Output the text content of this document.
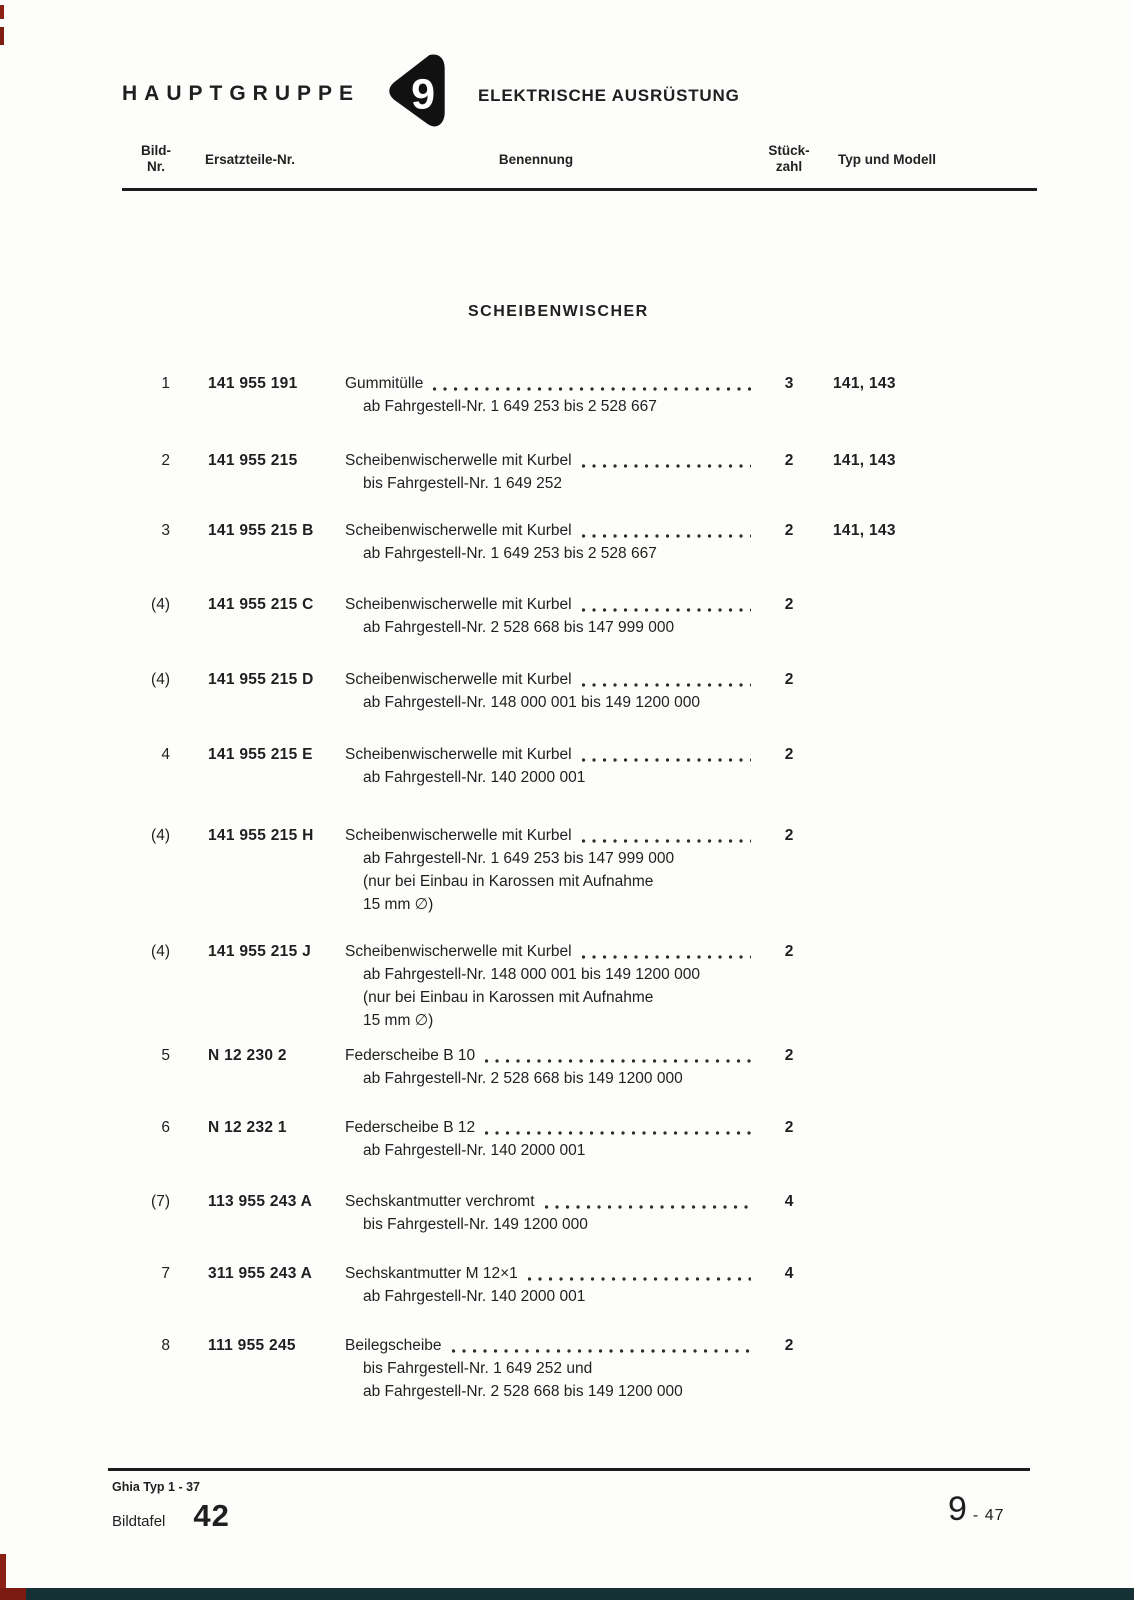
HAUPTGRUPPE 9	ELEKTRISCHE AUSRÜSTUNG
Bild-
Nr.	Ersatzteile-Nr.	Benennung
Stück-
zahl	Typ und Modell
SCHEIBENWISCHER
1 141 955 191	Gummitülle
ab Fahrgestell-Nr. 1 649 253 bis 2 528 667
3	141, 143
2 141 955 215	Scheibenwischerwelle mit Kurbel
bis Fahrgestell-Nr. 1 649 252
2	141, 143
3 141 955 215 B	Scheibenwischerwelle mit Kurbel
ab Fahrgestell-Nr. 1 649 253 bis 2 528 667
2	141, 143
(4) 141 955 215 C	Scheibenwischerwelle mit Kurbel
ab Fahrgestell-Nr. 2 528 668 bis 147 999 000
2
(4) 141 955 215 D	Scheibenwischerwelle mit Kurbel
ab Fahrgestell-Nr. 148 000 001 bis 149 1200 000
2
4 141 955 215 E	Scheibenwischerwelle mit Kurbel
ab Fahrgestell-Nr. 140 2000 001
2
(4) 141 955 215 H	Scheibenwischerwelle mit Kurbel
ab Fahrgestell-Nr. 1 649 253 bis 147 999 000
(nur bei Einbau in Karossen mit Aufnahme
15 mm ∅)
2
(4) 141 955 215 J	Scheibenwischerwelle mit Kurbel
ab Fahrgestell-Nr. 148 000 001 bis 149 1200 000
(nur bei Einbau in Karossen mit Aufnahme
15 mm ∅)
2
5 N 12 230 2	Federscheibe B 10
ab Fahrgestell-Nr. 2 528 668 bis 149 1200 000
2
6 N 12 232 1	Federscheibe B 12
ab Fahrgestell-Nr. 140 2000 001
2
(7) 113 955 243 A	Sechskantmutter verchromt
bis Fahrgestell-Nr. 149 1200 000
4
7 311 955 243 A	Sechskantmutter M 12×1
ab Fahrgestell-Nr. 140 2000 001
4
8 111 955 245	Beilegscheibe
bis Fahrgestell-Nr. 1 649 252 und
ab Fahrgestell-Nr. 2 528 668 bis 149 1200 000
2
Ghia Typ 1 - 37
Bildtafel 42	9 - 47
